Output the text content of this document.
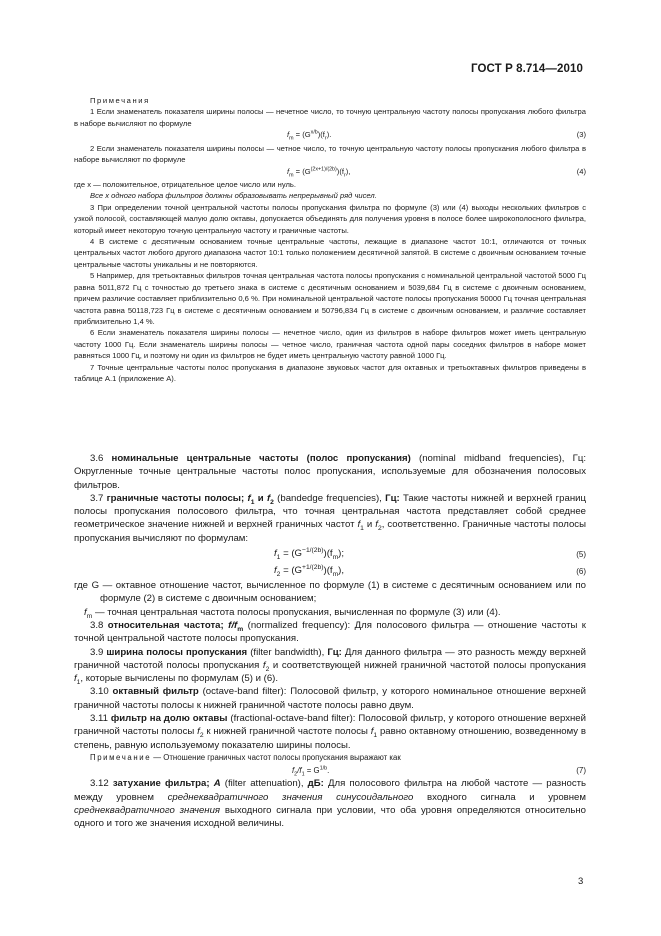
ГОСТ Р 8.714—2010

Примечания

1 Если знаменатель показателя ширины полосы — нечетное число, то точную центральную частоту полосы пропускания любого фильтра в наборе вычисляют по формуле

$f_m = (G^{x/b})(f_r)$.	(3)

2 Если знаменатель показателя ширины полосы — четное число, то точную центральную частоту полосы пропускания любого фильтра в наборе вычисляют по формуле

$f_m = (G^{(2x+1)/(2b)})(f_r)$,	(4)

где x — положительное, отрицательное целое число или нуль.

Все x одного набора фильтров должны образовывать непрерывный ряд чисел.

3 При определении точной центральной частоты полосы пропускания фильтра по формуле (3) или (4) выходы нескольких фильтров с узкой полосой, составляющей малую долю октавы, допускается объединять для получения уровня в полосе более широкополосного фильтра, который имеет некоторую точную центральную частоту и граничные частоты.

4 В системе с десятичным основанием точные центральные частоты, лежащие в диапазоне частот 10:1, отличаются от точных центральных частот любого другого диапазона частот 10:1 только положением десятичной запятой. В системе с двоичным основанием точные центральные частоты уникальны и не повторяются.

5 Например, для третьоктавных фильтров точная центральная частота полосы пропускания с номинальной центральной частотой 5000 Гц равна 5011,872 Гц с точностью до третьего знака в системе с десятичным основанием и 5039,684 Гц в системе с двоичным основанием, причем различие составляет приблизительно 0,6 %. При номинальной центральной частоте полосы пропускания 50000 Гц точная центральная частота равна 50118,723 Гц в системе с десятичным основанием и 50796,834 Гц в системе с двоичным основанием, и различие составляет приблизительно 1,4 %.

6 Если знаменатель показателя ширины полосы — нечетное число, один из фильтров в наборе фильтров может иметь центральную частоту 1000 Гц. Если знаменатель ширины полосы — четное число, граничная частота одной пары соседних фильтров в наборе может равняться 1000 Гц, и поэтому ни один из фильтров не будет иметь центральную частоту равной 1000 Гц.

7 Точные центральные частоты полос пропускания в диапазоне звуковых частот для октавных и третьоктавных фильтров приведены в таблице А.1 (приложение А).

3.6 номинальные центральные частоты (полос пропускания) (nominal midband frequencies), Гц: Округленные точные центральные частоты полос пропускания, используемые для обозначения полосовых фильтров.

3.7 граничные частоты полосы; $f_1$ и $f_2$ (bandedge frequencies), Гц: Такие частоты нижней и верхней границ полосы пропускания полосового фильтра, что точная центральная частота представляет собой среднее геометрическое значение нижней и верхней граничных частот $f_1$ и $f_2$, соответственно. Граничные частоты полосы пропускания вычисляют по формулам:

$f_1 = (G^{-1/(2b)})(f_m)$;	(5)
$f_2 = (G^{+1/(2b)})(f_m)$,	(6)

где G — октавное отношение частот, вычисленное по формуле (1) в системе с десятичным основанием или по формуле (2) в системе с двоичным основанием;

$f_m$ — точная центральная частота полосы пропускания, вычисленная по формуле (3) или (4).

3.8 относительная частота; $f/f_m$ (normalized frequency): Для полосового фильтра — отношение частоты к точной центральной частоте полосы пропускания.

3.9 ширина полосы пропускания (filter bandwidth), Гц: Для данного фильтра — это разность между верхней граничной частотой полосы пропускания $f_2$ и соответствующей нижней граничной частотой полосы пропускания $f_1$, которые вычислены по формулам (5) и (6).

3.10 октавный фильтр (octave-band filter): Полосовой фильтр, у которого номинальное отношение верхней граничной частоты полосы к нижней граничной частоте полосы равно двум.

3.11 фильтр на долю октавы (fractional-octave-band filter): Полосовой фильтр, у которого отношение верхней граничной частоты полосы $f_2$ к нижней граничной частоте полосы $f_1$ равно октавному отношению, возведенному в степень, равную используемому показателю ширины полосы.

Примечание — Отношение граничных частот полосы пропускания выражают как

$f_2/f_1 = G^{1/b}$.	(7)

3.12 затухание фильтра; A (filter attenuation), дБ: Для полосового фильтра на любой частоте — разность между уровнем среднеквадратичного значения синусоидального входного сигнала и уровнем среднеквадратичного значения выходного сигнала при условии, что оба уровня определяются относительно одного и того же значения исходной величины.

3
